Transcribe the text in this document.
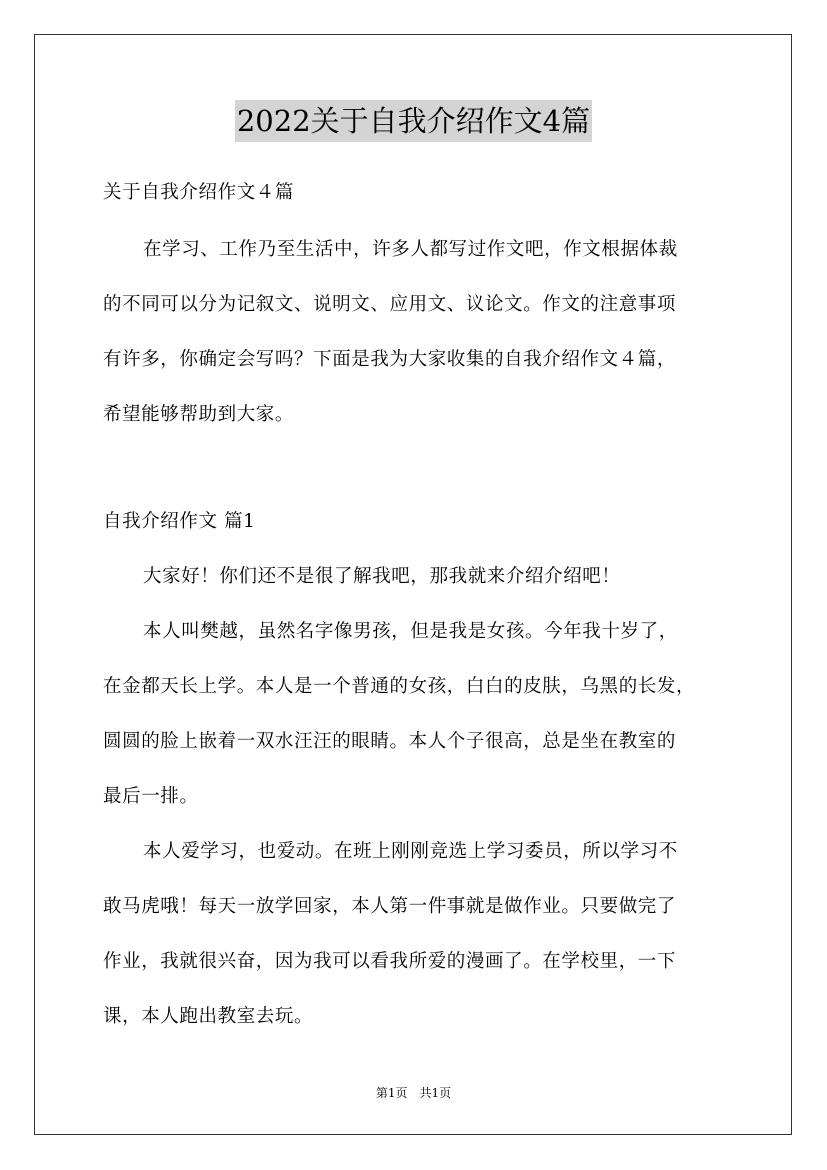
2022关于自我介绍作文4篇
关于自我介绍作文４篇
在学习、工作乃至生活中，许多人都写过作文吧，作文根据体裁
的不同可以分为记叙文、说明文、应用文、议论文。作文的注意事项
有许多，你确定会写吗？下面是我为大家收集的自我介绍作文４篇，
希望能够帮助到大家。
自我介绍作文 篇1
大家好！你们还不是很了解我吧，那我就来介绍介绍吧！
本人叫樊越，虽然名字像男孩，但是我是女孩。今年我十岁了，
在金都天长上学。本人是一个普通的女孩，白白的皮肤，乌黑的长发，
圆圆的脸上嵌着一双水汪汪的眼睛。本人个子很高，总是坐在教室的
最后一排。
本人爱学习，也爱动。在班上刚刚竞选上学习委员，所以学习不
敢马虎哦！每天一放学回家，本人第一件事就是做作业。只要做完了
作业，我就很兴奋，因为我可以看我所爱的漫画了。在学校里，一下
课，本人跑出教室去玩。
第1页　共1页
